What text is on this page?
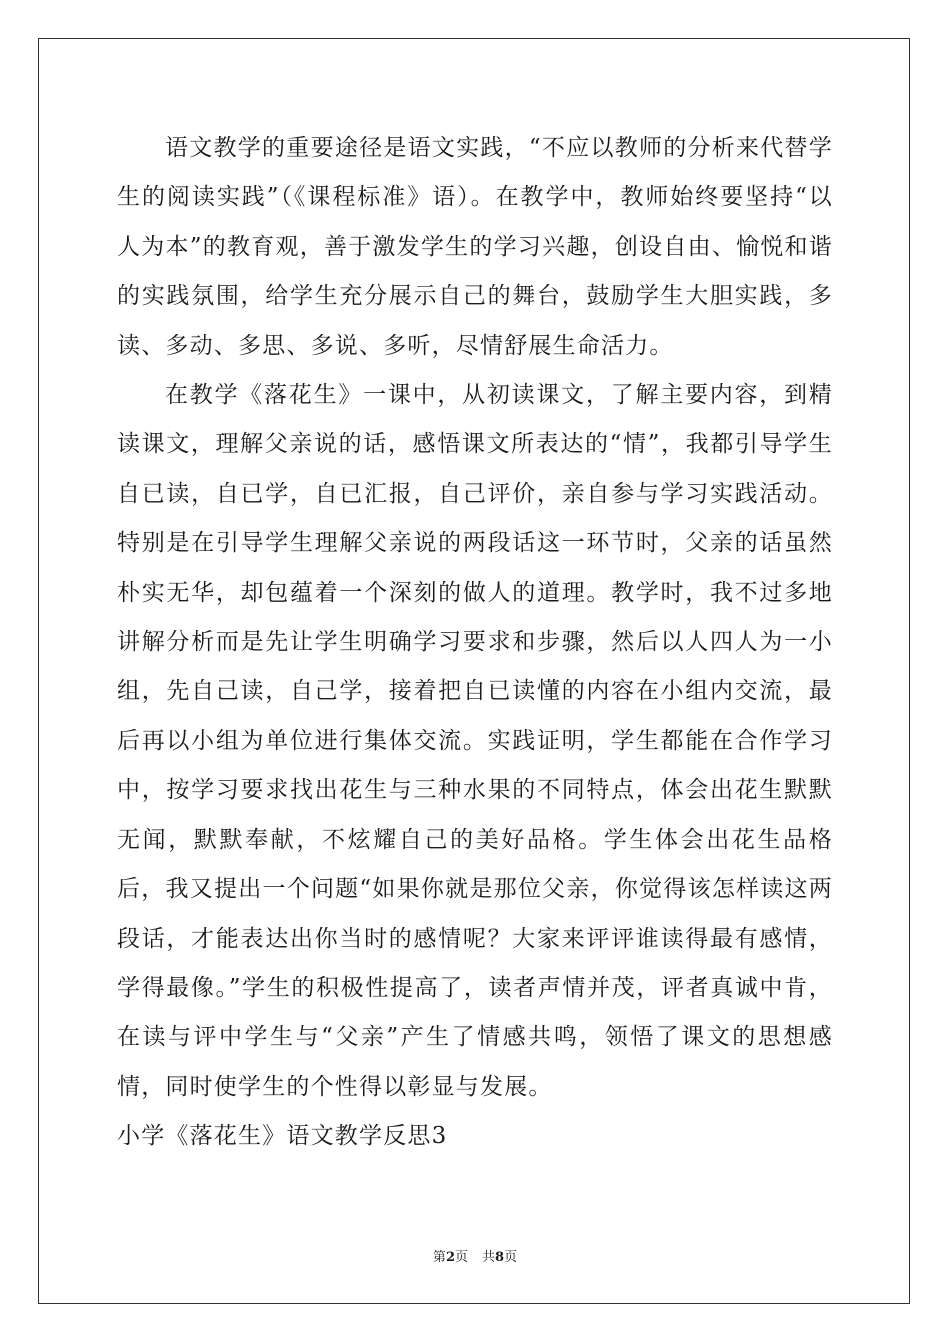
语文教学的重要途径是语文实践，“不应以教师的分析来代替学生的阅读实践”（《课程标准》语）。在教学中，教师始终要坚持“以人为本”的教育观，善于激发学生的学习兴趣，创设自由、愉悦和谐的实践氛围，给学生充分展示自己的舞台，鼓励学生大胆实践，多读、多动、多思、多说、多听，尽情舒展生命活力。

在教学《落花生》一课中，从初读课文，了解主要内容，到精读课文，理解父亲说的话，感悟课文所表达的“情”，我都引导学生自已读，自已学，自已汇报，自己评价，亲自参与学习实践活动。特别是在引导学生理解父亲说的两段话这一环节时，父亲的话虽然朴实无华，却包蕴着一个深刻的做人的道理。教学时，我不过多地讲解分析而是先让学生明确学习要求和步骤，然后以人四人为一小组，先自己读，自己学，接着把自已读懂的内容在小组内交流，最后再以小组为单位进行集体交流。实践证明，学生都能在合作学习中，按学习要求找出花生与三种水果的不同特点，体会出花生默默无闻，默默奉献，不炫耀自己的美好品格。学生体会出花生品格后，我又提出一个问题“如果你就是那位父亲，你觉得该怎样读这两段话，才能表达出你当时的感情呢？大家来评评谁读得最有感情，学得最像。”学生的积极性提高了，读者声情并茂，评者真诚中肯，在读与评中学生与“父亲”产生了情感共鸣，领悟了课文的思想感情，同时使学生的个性得以彰显与发展。

小学《落花生》语文教学反思3

第2页 共8页
